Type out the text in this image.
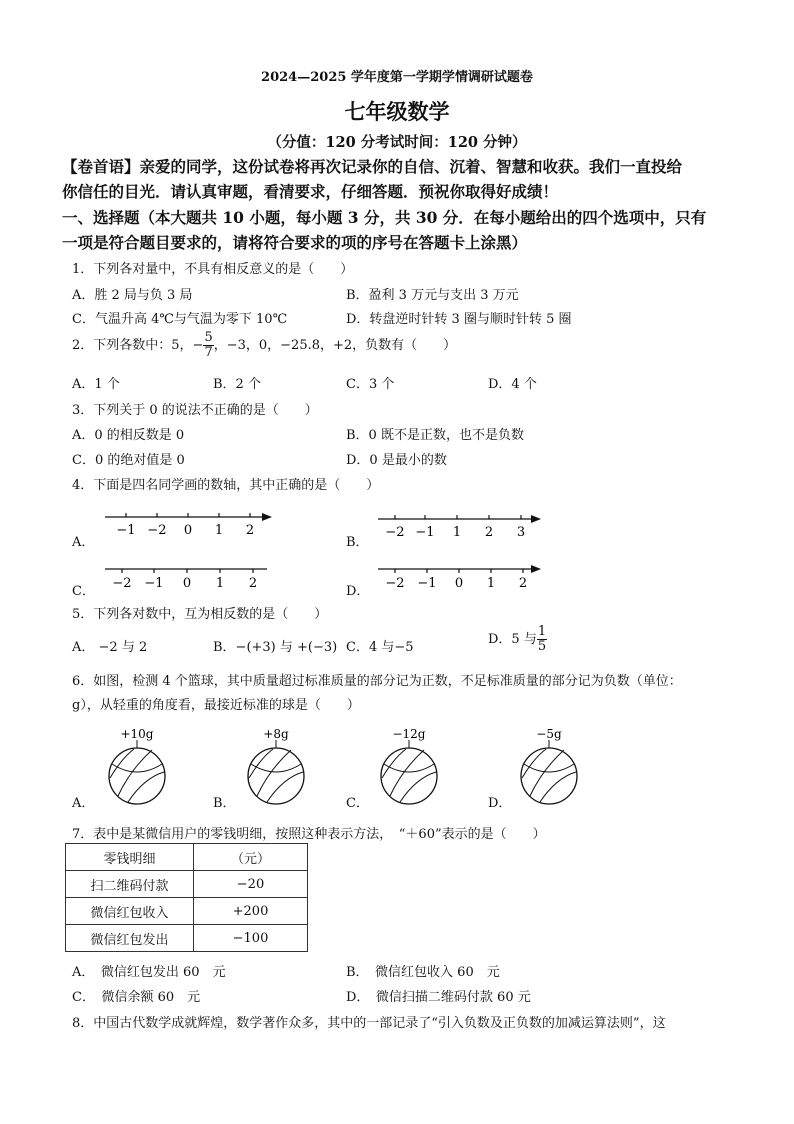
2024—2025 学年度第一学期学情调研试题卷
七年级数学
（分值：120 分考试时间：120 分钟）
【卷首语】亲爱的同学，这份试卷将再次记录你的自信、沉着、智慧和收获。我们一直投给
你信任的目光．请认真审题，看清要求，仔细答题．预祝你取得好成绩！
一、选择题（本大题共 10 小题，每小题 3 分，共 30 分．在每小题给出的四个选项中，只有
一项是符合题目要求的，请将符合要求的项的序号在答题卡上涂黑）
1．下列各对量中，不具有相反意义的是（　　）
A．胜 2 局与负 3 局	B．盈利 3 万元与支出 3 万元
C．气温升高 4℃与气温为零下 10℃	D．转盘逆时针转 3 圈与顺时针转 5 圈
2．下列各数中：5，− $\frac{5}{7}$ ，−3，0，−25.8，+2，负数有（　　）
A．1 个	B．2 个	C．3 个	D．4 个
3．下列关于 0 的说法不正确的是（　　）
A．0 的相反数是 0	B．0 既不是正数，也不是负数
C．0 的绝对值是 0	D．0 是最小的数
4．下面是四名同学画的数轴，其中正确的是（　　）
A．	B．
C．	D．
−1 −2 0 1 2	−2 −1 1 2 3
−2 −1 0 1 2	−2 −1 0 1 2
5．下列各对数中，互为相反数的是（　　）
A． −2 与 2	B．−(+3) 与 +(−3) C．4 与−5
D．5 与 $\frac{1}{5}$
6．如图，检测 4 个篮球，其中质量超过标准质量的部分记为正数，不足标准质量的部分记为负数（单位：
g），从轻重的角度看，最接近标准的球是（　　）
A．	B．	C．	D．
+10g	+8g	−12g	−5g
7．表中是某微信用户的零钱明细，按照这种表示方法，　“＋60”表示的是（　　）
零钱明细	（元）
扫二维码付款	−20
微信红包收入	+200
微信红包发出	−100
A．　微信红包发出 60　元	B．　微信红包收入 60　元
C．　微信余额 60　元	D．　微信扫描二维码付款 60 元
8．中国古代数学成就辉煌，数学著作众多，其中的一部记录了“引入负数及正负数的加减运算法则”，这
